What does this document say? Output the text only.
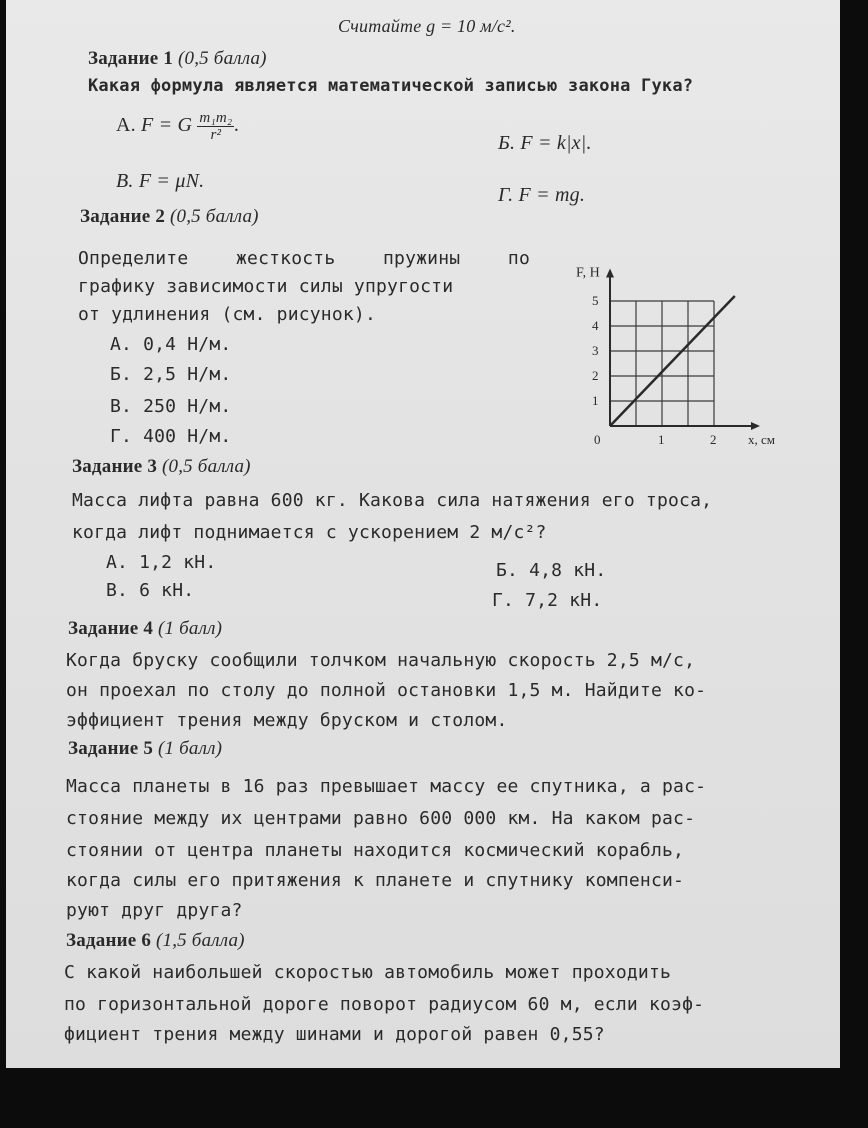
Считайте g = 10 м/с².
Задание 1 (0,5 балла)
Какая формула является математической записью закона Гука?
А. F = G $\frac{\text{m₁m₂}}{\text{r²}}$ .
Б. F = k|x|.
В. F = μN.
Г. F = mg.
Задание 2 (0,5 балла)
Определите жесткость пружины по
графику зависимости силы упругости
от удлинения (см. рисунок).
А. 0,4 Н/м.
Б. 2,5 Н/м.
В. 250 Н/м.
Г. 400 Н/м.	0	1	2
1
2
3
4
5
F, Н
x, см
Задание 3 (0,5 балла)
Масса лифта равна 600 кг. Какова сила натяжения его троса,
когда лифт поднимается с ускорением 2 м/с²?
А. 1,2 кН.	Б. 4,8 кН.
В. 6 кН.	Г. 7,2 кН.
Задание 4 (1 балл)
Когда бруску сообщили толчком начальную скорость 2,5 м/с,
он проехал по столу до полной остановки 1,5 м. Найдите ко-
эффициент трения между бруском и столом.
Задание 5 (1 балл)
Масса планеты в 16 раз превышает массу ее спутника, а рас-
стояние между их центрами равно 600 000 км. На каком рас-
стоянии от центра планеты находится космический корабль,
когда силы его притяжения к планете и спутнику компенси-
руют друг друга?
Задание 6 (1,5 балла)
С какой наибольшей скоростью автомобиль может проходить
по горизонтальной дороге поворот радиусом 60 м, если коэф-
фициент трения между шинами и дорогой равен 0,55?
